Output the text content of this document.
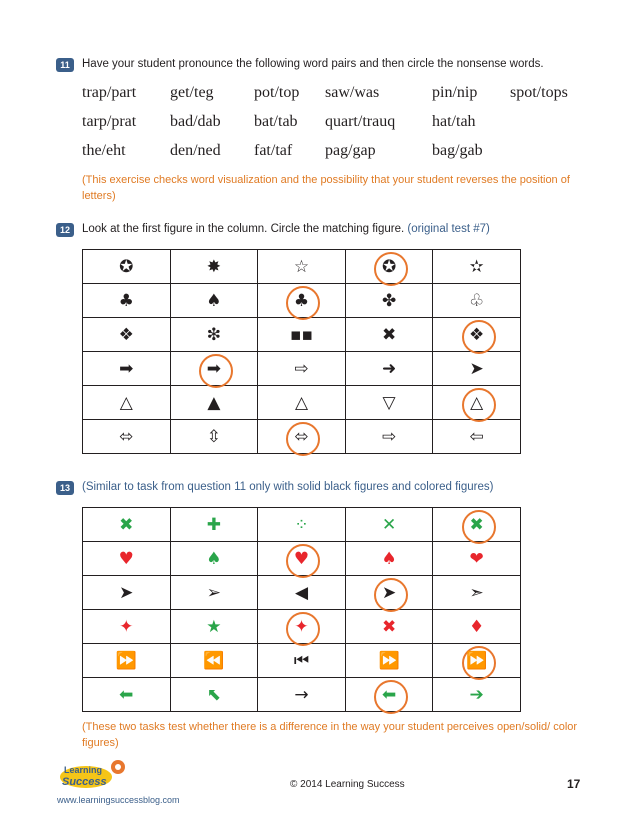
11	Have your student pronounce the following word pairs and then circle the nonsense words.
trap/part get/teg	pot/top saw/was	pin/nip spot/tops
tarp/prat bad/dab bat/tab quart/trauq hat/tah
the/eht	den/ned fat/taf pag/gap	bag/gab
(This exercise checks word visualization and the possibility that your student reverses the position of letters)
12	Look at the first figure in the column. Circle the matching figure. (original test #7)
✪	✸	☆	✪	✫
♣	♠	♣	✤	♧
❖	❇	▪▪	✖	❖

➡	➡	⇨	➜	➤
△	▲	△	▽	△

⬄	⇳	⬄	⇨	⇦
13	(Similar to task from question 11 only with solid black figures and colored figures)
✖	✚	⁘	✕	✖

♥	♠	♥	♠	❤
➤	➢	◀	➤	➣
✦	★	✦	✖	♦
⏩	⏪	⏮	⏩	⏩

⬅	⬉	→	⬅	➔
(These two tasks test whether there is a difference in the way your student perceives open/solid/ color figures)
Learning
Success
www.learningsuccessblog.com
© 2014 Learning Success	17
